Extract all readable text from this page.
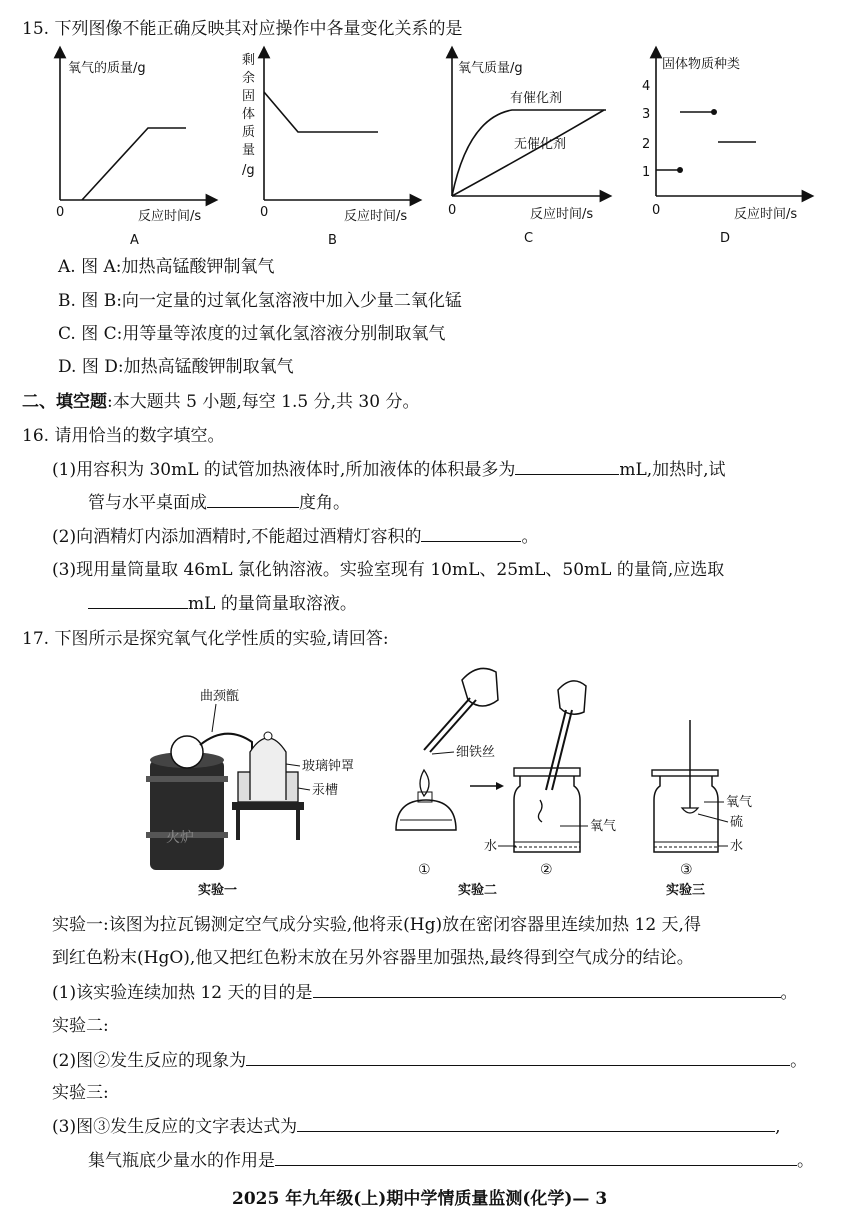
15. 下列图像不能正确反映其对应操作中各量变化关系的是
氧气的质量/g
0	反应时间/s
A
剩
余
固
体
质
量
/g
0	反应时间/s
B
氧气质量/g
有催化剂
无催化剂
0	反应时间/s
C
固体物质种类
4
3
2
1
0	反应时间/s
D
A. 图 A:加热高锰酸钾制氧气
B. 图 B:向一定量的过氧化氢溶液中加入少量二氧化锰
C. 图 C:用等量等浓度的过氧化氢溶液分别制取氧气
D. 图 D:加热高锰酸钾制取氧气
二、填空题:本大题共 5 小题,每空 1.5 分,共 30 分。
16. 请用恰当的数字填空。
(1)用容积为 30mL 的试管加热液体时,所加液体的体积最多为	mL,加热时,试
管与水平桌面成	度角。
(2)向酒精灯内添加酒精时,不能超过酒精灯容积的	。
(3)现用量筒量取 46mL 氯化钠溶液。实验室现有 10mL、25mL、50mL 的量筒,应选取
mL 的量筒量取溶液。
17. 下图所示是探究氧气化学性质的实验,请回答:
曲颈甑
玻璃钟罩
汞槽
火炉
实验一
细铁丝
①
氧气
水
②
实验二
氧气
硫
水
③
实验三
实验一:该图为拉瓦锡测定空气成分实验,他将汞(Hg)放在密闭容器里连续加热 12 天,得
到红色粉末(HgO),他又把红色粉末放在另外容器里加强热,最终得到空气成分的结论。
(1)该实验连续加热 12 天的目的是	。
实验二:
(2)图②发生反应的现象为	。
实验三:
(3)图③发生反应的文字表达式为	,
集气瓶底少量水的作用是	。
2025 年九年级(上)期中学情质量监测(化学)— 3
